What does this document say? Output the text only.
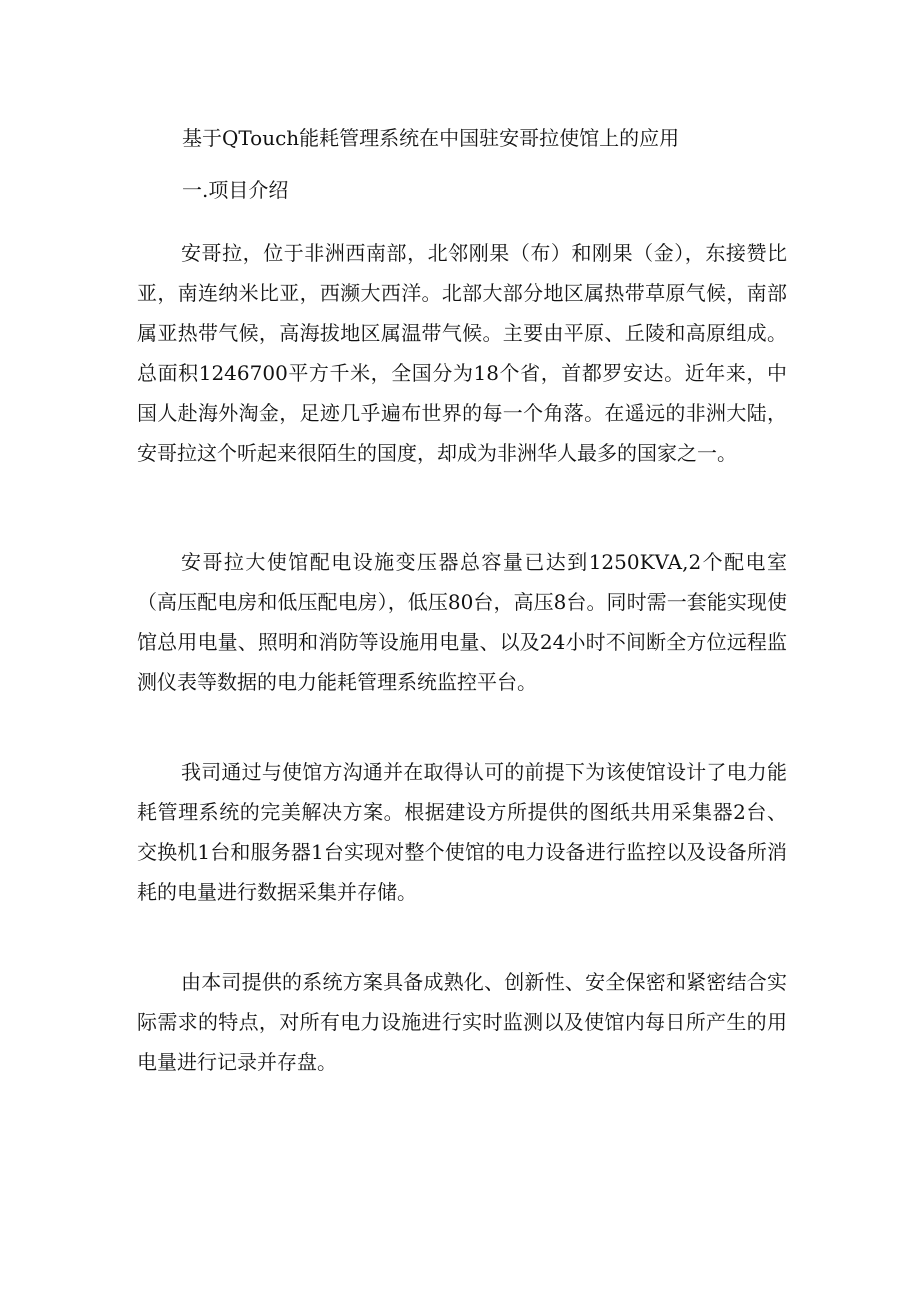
基于QTouch能耗管理系统在中国驻安哥拉使馆上的应用
一.项目介绍

安哥拉，位于非洲西南部，北邻刚果（布）和刚果（金），东接赞比亚，南连纳米比亚，西濒大西洋。北部大部分地区属热带草原气候，南部属亚热带气候，高海拔地区属温带气候。主要由平原、丘陵和高原组成。总面积1246700平方千米，全国分为18个省，首都罗安达。近年来，中国人赴海外淘金，足迹几乎遍布世界的每一个角落。在遥远的非洲大陆，安哥拉这个听起来很陌生的国度，却成为非洲华人最多的国家之一。

安哥拉大使馆配电设施变压器总容量已达到1250KVA,2个配电室（高压配电房和低压配电房），低压80台，高压8台。同时需一套能实现使馆总用电量、照明和消防等设施用电量、以及24小时不间断全方位远程监测仪表等数据的电力能耗管理系统监控平台。

我司通过与使馆方沟通并在取得认可的前提下为该使馆设计了电力能耗管理系统的完美解决方案。根据建设方所提供的图纸共用采集器2台、交换机1台和服务器1台实现对整个使馆的电力设备进行监控以及设备所消耗的电量进行数据采集并存储。

由本司提供的系统方案具备成熟化、创新性、安全保密和紧密结合实际需求的特点，对所有电力设施进行实时监测以及使馆内每日所产生的用电量进行记录并存盘。
